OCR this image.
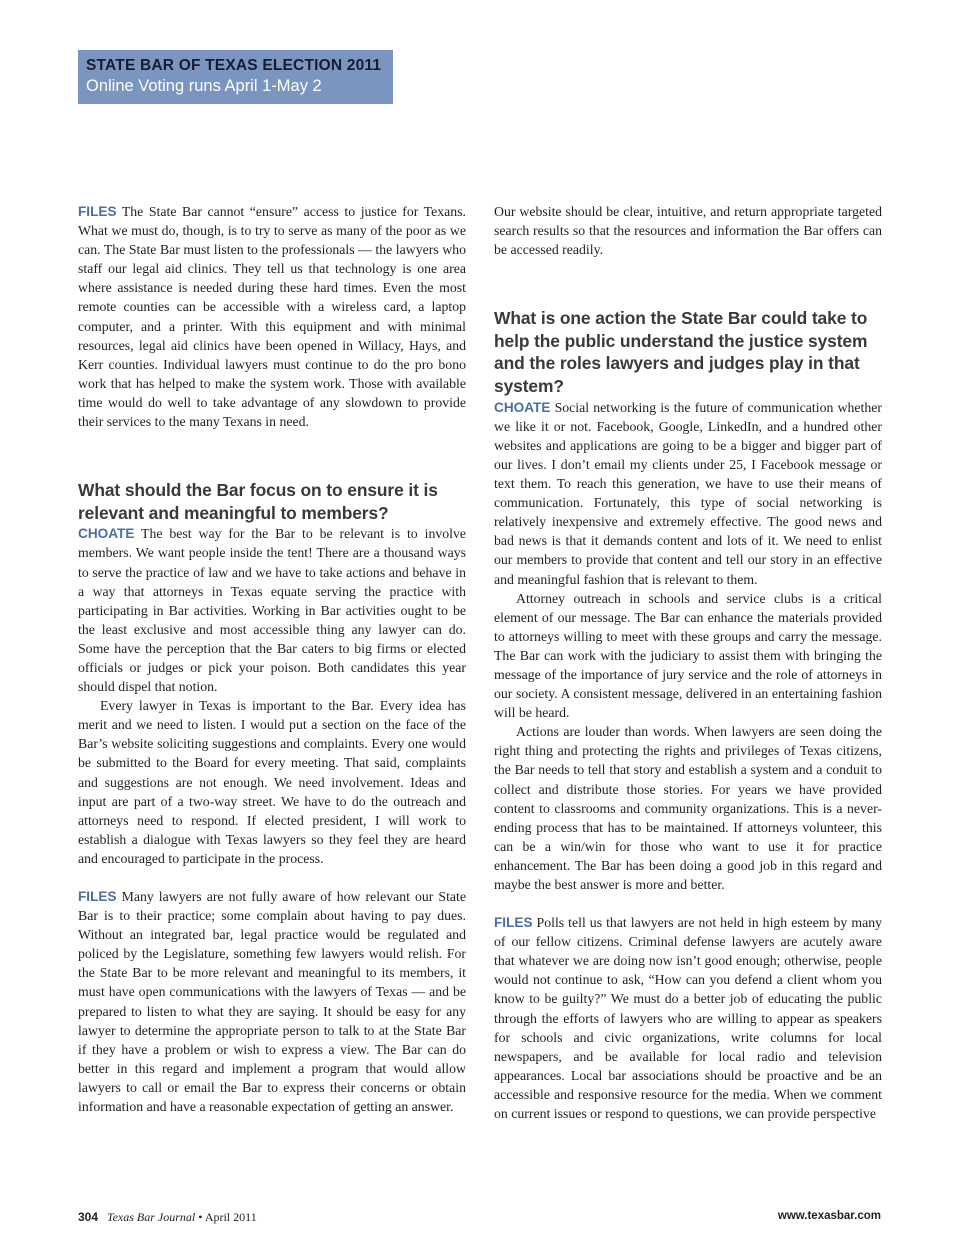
STATE BAR OF TEXAS ELECTION 2011
Online Voting runs April 1-May 2

FILES The State Bar cannot “ensure” access to justice for Texans. What we must do, though, is to try to serve as many of the poor as we can. The State Bar must listen to the professionals — the lawyers who staff our legal aid clinics. They tell us that technology is one area where assistance is needed during these hard times. Even the most remote counties can be accessible with a wireless card, a laptop computer, and a printer. With this equipment and with minimal resources, legal aid clinics have been opened in Willacy, Hays, and Kerr counties. Individual lawyers must continue to do the pro bono work that has helped to make the system work. Those with available time would do well to take advantage of any slowdown to provide their services to the many Texans in need.

What should the Bar focus on to ensure it is relevant and meaningful to members?

CHOATE The best way for the Bar to be relevant is to involve members. We want people inside the tent! There are a thousand ways to serve the practice of law and we have to take actions and behave in a way that attorneys in Texas equate serving the practice with participating in Bar activities. Working in Bar activities ought to be the least exclusive and most accessible thing any lawyer can do. Some have the perception that the Bar caters to big firms or elected officials or judges or pick your poison. Both candidates this year should dispel that notion.

Every lawyer in Texas is important to the Bar. Every idea has merit and we need to listen. I would put a section on the face of the Bar’s website soliciting suggestions and complaints. Every one would be submitted to the Board for every meeting. That said, complaints and suggestions are not enough. We need involvement. Ideas and input are part of a two-way street. We have to do the outreach and attorneys need to respond. If elected president, I will work to establish a dialogue with Texas lawyers so they feel they are heard and encouraged to participate in the process.

FILES Many lawyers are not fully aware of how relevant our State Bar is to their practice; some complain about having to pay dues. Without an integrated bar, legal practice would be regulated and policed by the Legislature, something few lawyers would relish. For the State Bar to be more relevant and meaningful to its members, it must have open communications with the lawyers of Texas — and be prepared to listen to what they are saying. It should be easy for any lawyer to determine the appropriate person to talk to at the State Bar if they have a problem or wish to express a view. The Bar can do better in this regard and implement a program that would allow lawyers to call or email the Bar to express their concerns or obtain information and have a reasonable expectation of getting an answer.

Our website should be clear, intuitive, and return appropriate targeted search results so that the resources and information the Bar offers can be accessed readily.

What is one action the State Bar could take to help the public understand the justice system and the roles lawyers and judges play in that system?

CHOATE Social networking is the future of communication whether we like it or not. Facebook, Google, LinkedIn, and a hundred other websites and applications are going to be a bigger and bigger part of our lives. I don’t email my clients under 25, I Facebook message or text them. To reach this generation, we have to use their means of communication. Fortunately, this type of social networking is relatively inexpensive and extremely effective. The good news and bad news is that it demands content and lots of it. We need to enlist our members to provide that content and tell our story in an effective and meaningful fashion that is relevant to them.

Attorney outreach in schools and service clubs is a critical element of our message. The Bar can enhance the materials provided to attorneys willing to meet with these groups and carry the message. The Bar can work with the judiciary to assist them with bringing the message of the importance of jury service and the role of attorneys in our society. A consistent message, delivered in an entertaining fashion will be heard.

Actions are louder than words. When lawyers are seen doing the right thing and protecting the rights and privileges of Texas citizens, the Bar needs to tell that story and establish a system and a conduit to collect and distribute those stories. For years we have provided content to classrooms and community organizations. This is a never-ending process that has to be maintained. If attorneys volunteer, this can be a win/win for those who want to use it for practice enhancement. The Bar has been doing a good job in this regard and maybe the best answer is more and better.

FILES Polls tell us that lawyers are not held in high esteem by many of our fellow citizens. Criminal defense lawyers are acutely aware that whatever we are doing now isn’t good enough; otherwise, people would not continue to ask, “How can you defend a client whom you know to be guilty?” We must do a better job of educating the public through the efforts of lawyers who are willing to appear as speakers for schools and civic organizations, write columns for local newspapers, and be available for local radio and television appearances. Local bar associations should be proactive and be an accessible and responsive resource for the media. When we comment on current issues or respond to questions, we can provide perspective

304 Texas Bar Journal • April 2011	www.texasbar.com
